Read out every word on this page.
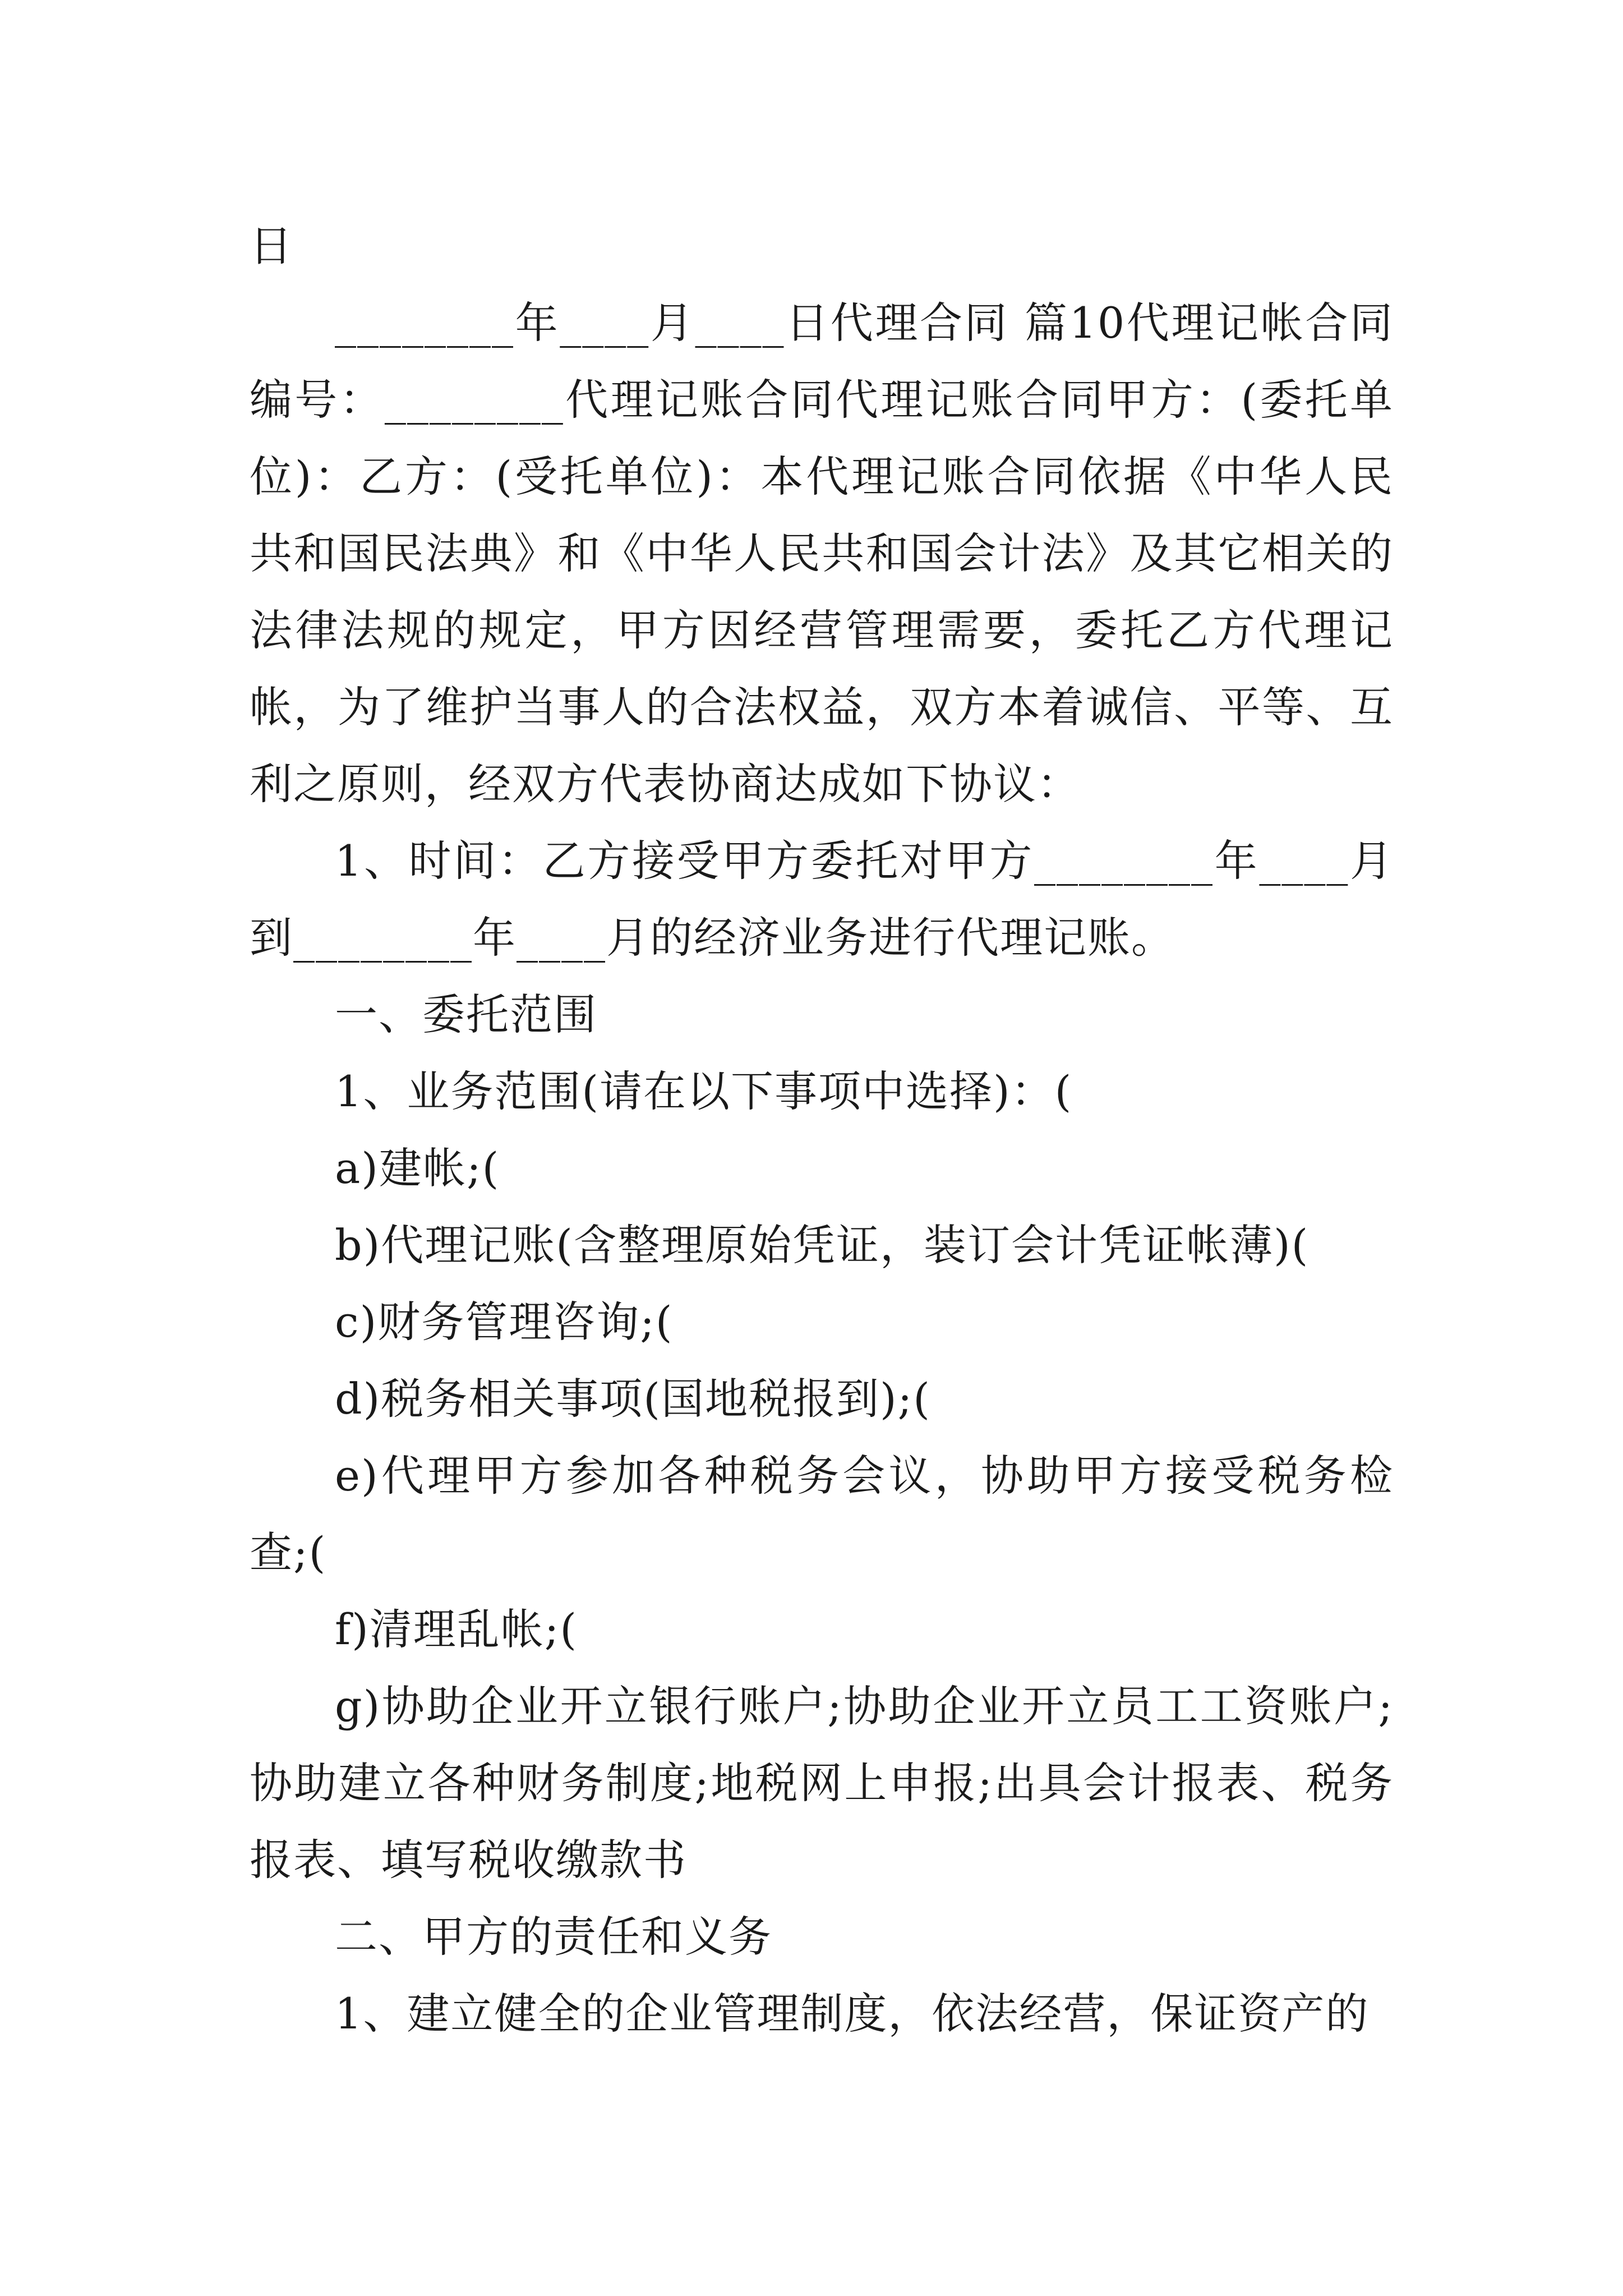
日

________年____月____日代理合同 篇10代理记帐合同编号：________代理记账合同代理记账合同甲方：(委托单位)：乙方：(受托单位)：本代理记账合同依据《中华人民共和国民法典》和《中华人民共和国会计法》及其它相关的法律法规的规定，甲方因经营管理需要，委托乙方代理记帐，为了维护当事人的合法权益，双方本着诚信、平等、互利之原则，经双方代表协商达成如下协议：

1、时间：乙方接受甲方委托对甲方________年____月到________年____月的经济业务进行代理记账。

一、委托范围

1、业务范围(请在以下事项中选择)：(

a)建帐;(

b)代理记账(含整理原始凭证，装订会计凭证帐薄)(

c)财务管理咨询;(

d)税务相关事项(国地税报到);(

e)代理甲方参加各种税务会议，协助甲方接受税务检查;(

f)清理乱帐;(

g)协助企业开立银行账户;协助企业开立员工工资账户;协助建立各种财务制度;地税网上申报;出具会计报表、税务报表、填写税收缴款书

二、甲方的责任和义务

1、建立健全的企业管理制度，依法经营，保证资产的
